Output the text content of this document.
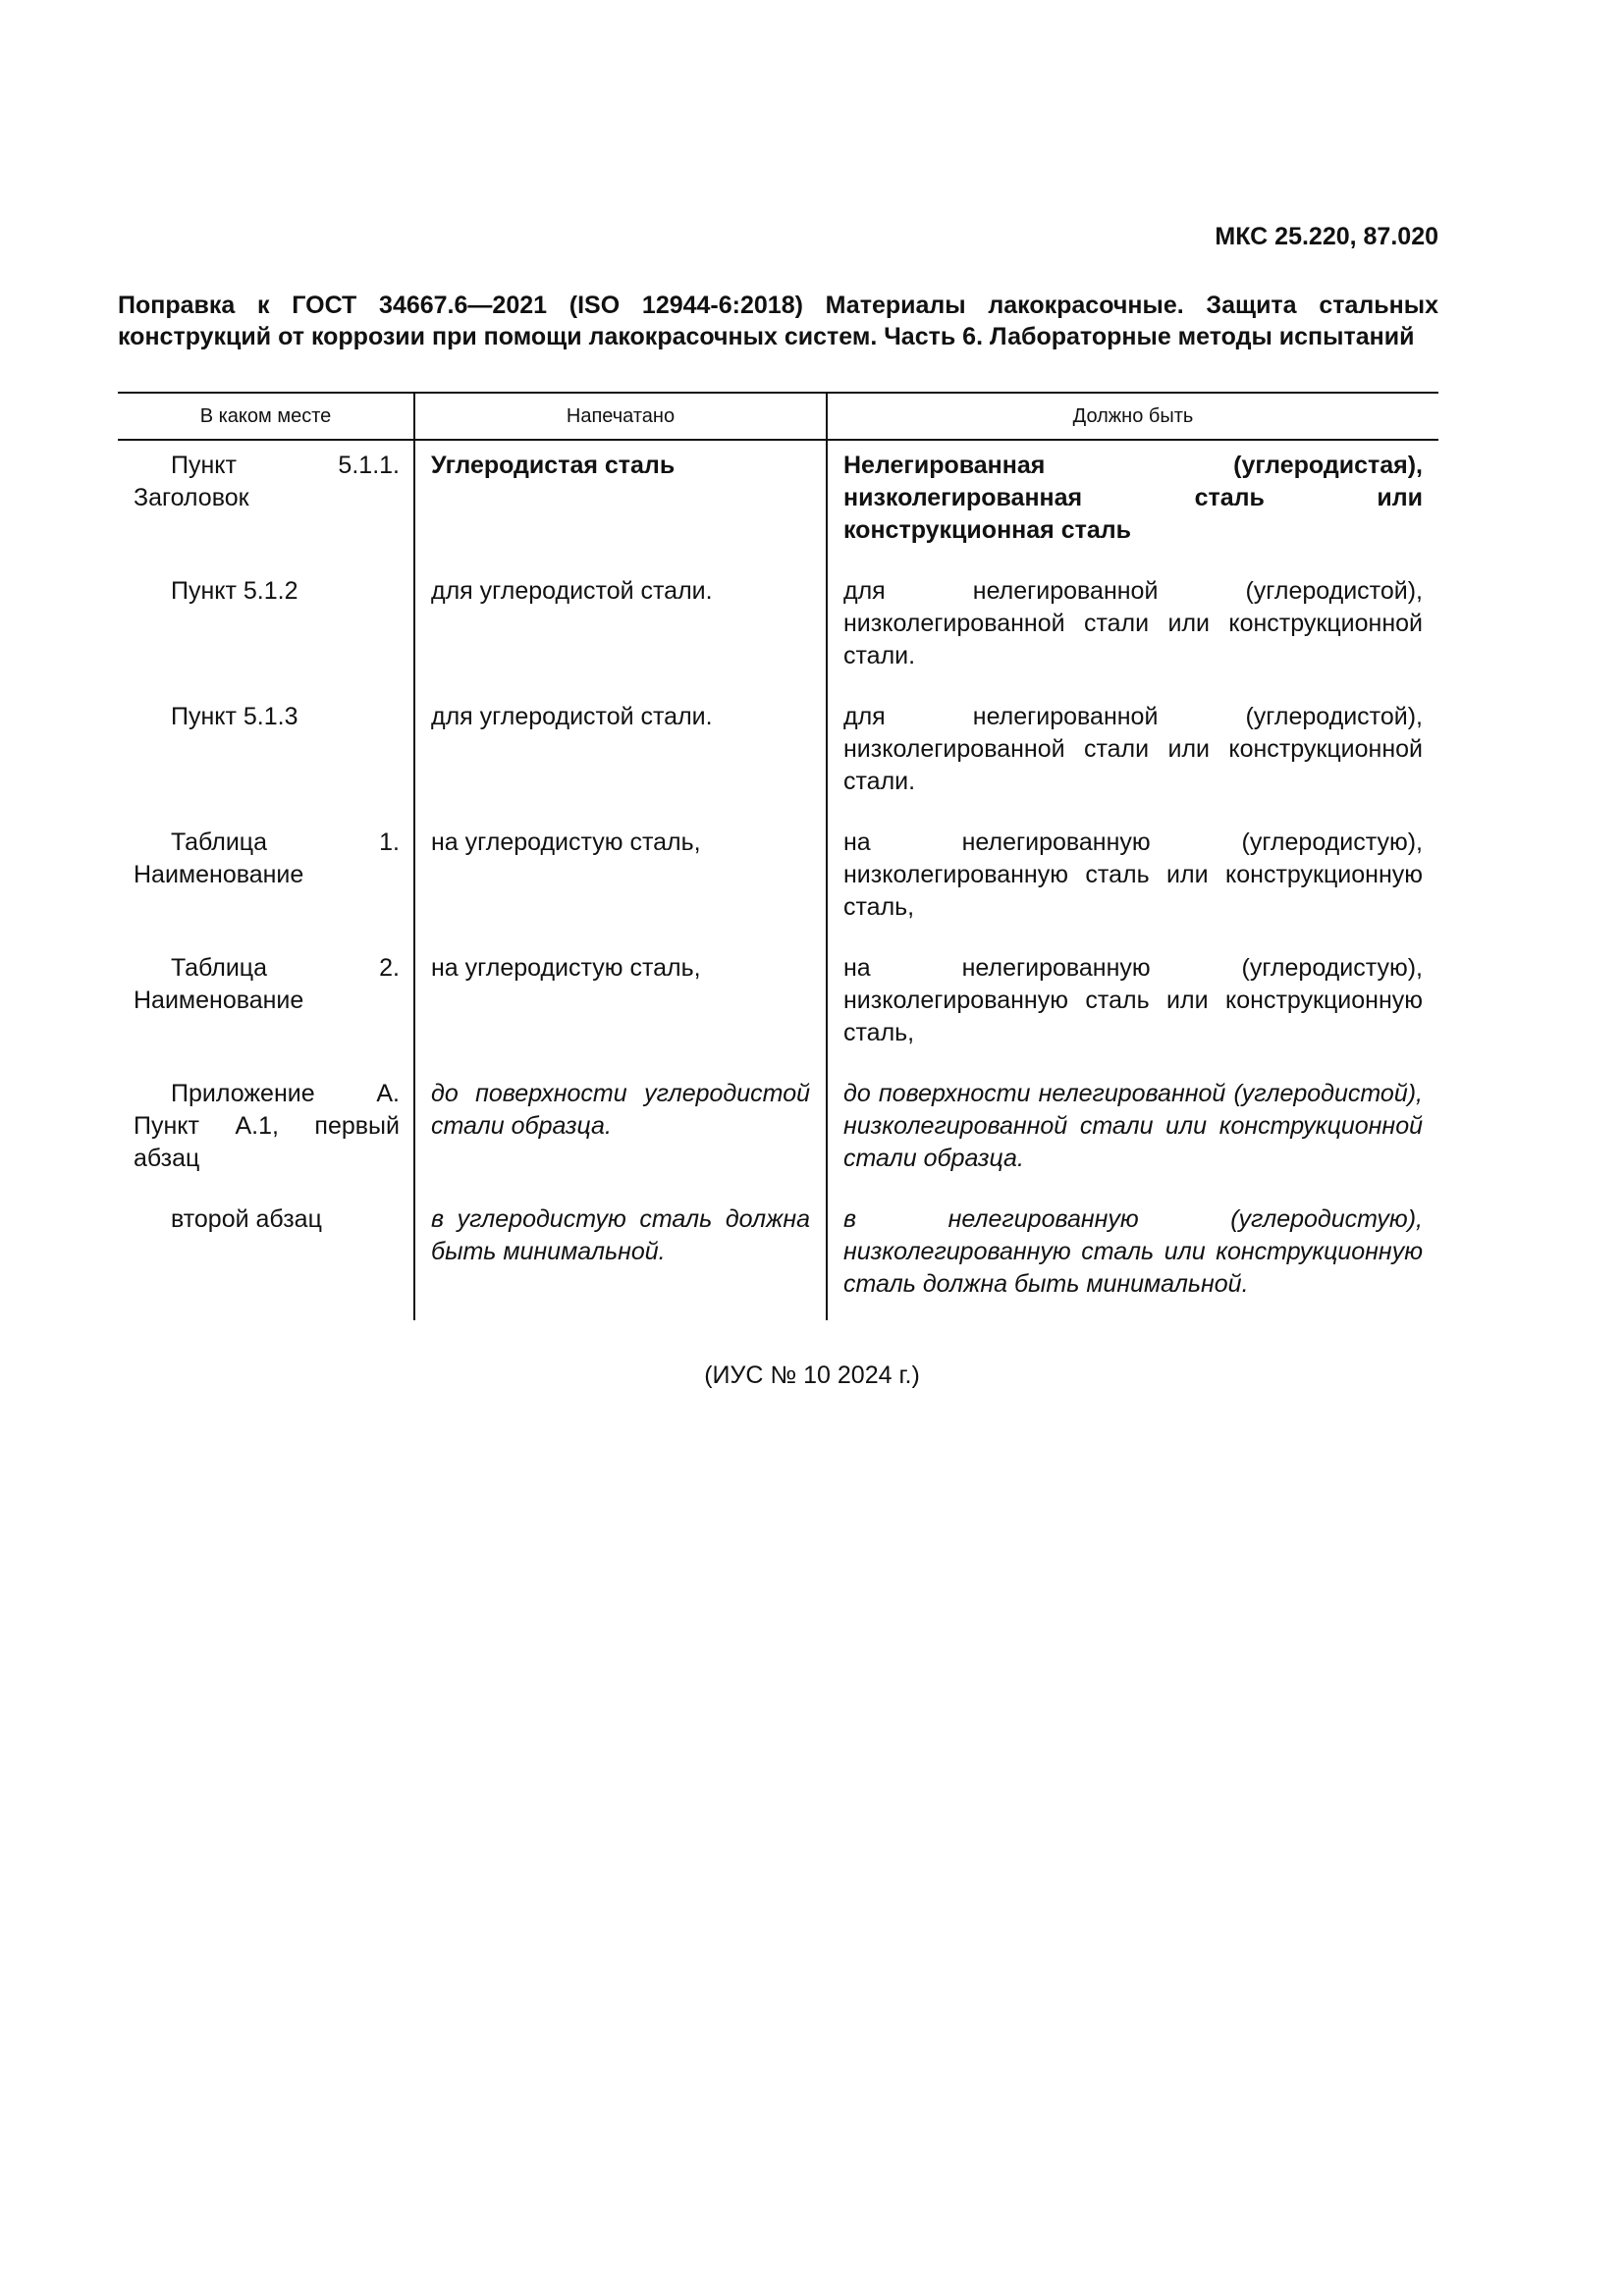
МКС 25.220, 87.020
Поправка к ГОСТ 34667.6—2021 (ISO 12944-6:2018) Материалы лакокрасочные. Защита стальных конструкций от коррозии при помощи лакокрасочных систем. Часть 6. Лабораторные методы испытаний
В каком месте	Напечатано	Должно быть
Пункт 5.1.1. Заголовок	Углеродистая сталь	Нелегированная (углеродистая), низколегированная сталь или конструкционная сталь
Пункт 5.1.2	для углеродистой стали.	для нелегированной (углеродистой), низколегированной стали или конструкционной стали.
Пункт 5.1.3	для углеродистой стали.	для нелегированной (углеродистой), низколегированной стали или конструкционной стали.
Таблица 1. Наименование	на углеродистую сталь,	на нелегированную (углеродистую), низколегированную сталь или конструкционную сталь,
Таблица 2. Наименование	на углеродистую сталь,	на нелегированную (углеродистую), низколегированную сталь или конструкционную сталь,
Приложение А. Пункт А.1, первый абзац	до поверхности углеродистой стали образца.	до поверхности нелегированной (углеродистой), низколегированной стали или конструкционной стали образца.
второй абзац	в углеродистую сталь должна быть минимальной.	в нелегированную (углеродистую), низколегированную сталь или конструкционную сталь должна быть минимальной.
(ИУС № 10 2024 г.)
